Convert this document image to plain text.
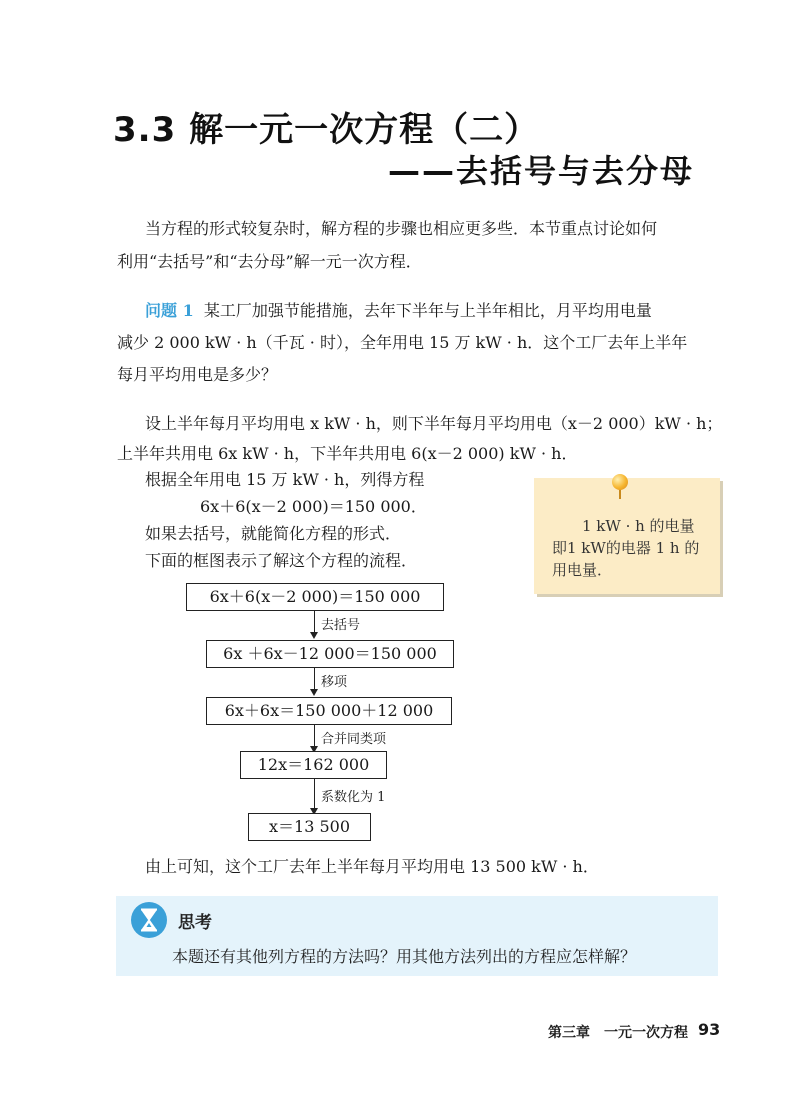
3.3 解一元一次方程（二）
——去括号与去分母
当方程的形式较复杂时，解方程的步骤也相应更多些．本节重点讨论如何
利用“去括号”和“去分母”解一元一次方程．
问题 1 某工厂加强节能措施，去年下半年与上半年相比，月平均用电量
减少 2 000 kW · h（千瓦 · 时），全年用电 15 万 kW · h．这个工厂去年上半年
每月平均用电是多少？
设上半年每月平均用电 x kW · h，则下半年每月平均用电（x－2 000）kW · h；
上半年共用电 6x kW · h，下半年共用电 6(x－2 000) kW · h．
根据全年用电 15 万 kW · h，列得方程
6x＋6(x－2 000)＝150 000．
如果去括号，就能简化方程的形式．
下面的框图表示了解这个方程的流程．
1 kW · h 的电量
即1 kW的电器 1 h 的
用电量．
6x＋6(x－2 000)＝150 000
去括号
6x ＋6x－12 000＝150 000
移项
6x＋6x＝150 000＋12 000
合并同类项
12x＝162 000
系数化为 1
x＝13 500
由上可知，这个工厂去年上半年每月平均用电 13 500 kW · h．
思考
本题还有其他列方程的方法吗？用其他方法列出的方程应怎样解？
第三章　一元一次方程 93
